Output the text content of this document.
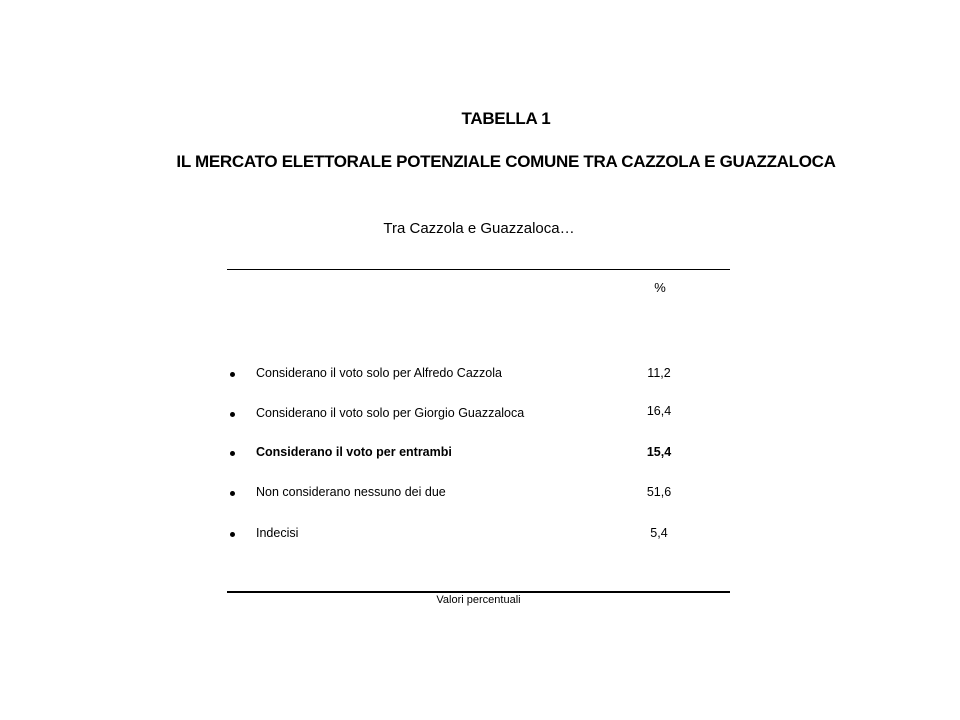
TABELLA 1
IL MERCATO ELETTORALE POTENZIALE COMUNE TRA CAZZOLA E GUAZZALOCA
Tra Cazzola e Guazzaloca…
%
Considerano il voto solo per Alfredo Cazzola	11,2
Considerano il voto solo per Giorgio Guazzaloca	16,4
Considerano il voto per entrambi	15,4
Non considerano nessuno dei due	51,6
Indecisi	5,4
Valori percentuali
